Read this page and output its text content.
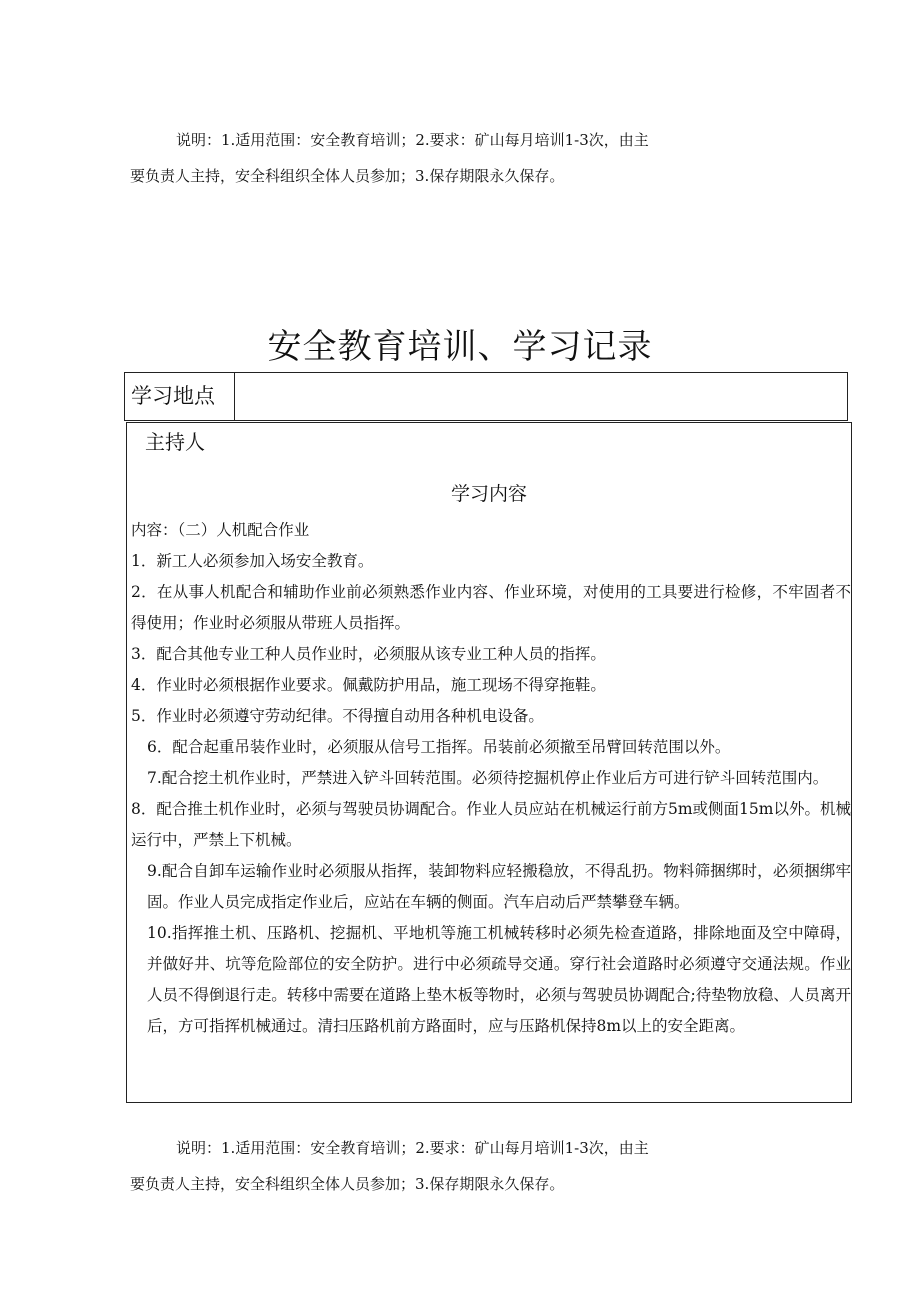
说明：1.适用范围：安全教育培训；2.要求：矿山每月培训1-3次，由主
要负责人主持，安全科组织全体人员参加；3.保存期限永久保存。
安全教育培训、学习记录
学习地点
主持人
学习内容

内容：（二）人机配合作业

1．新工人必须参加入场安全教育。

2．在从事人机配合和辅助作业前必须熟悉作业内容、作业环境，对使用的工具要进行检修，不牢固者不得使用；作业时必须服从带班人员指挥。

3．配合其他专业工种人员作业时，必须服从该专业工种人员的指挥。

4．作业时必须根据作业要求。佩戴防护用品，施工现场不得穿拖鞋。

5．作业时必须遵守劳动纪律。不得擅自动用各种机电设备。

6．配合起重吊装作业时，必须服从信号工指挥。吊装前必须撤至吊臂回转范围以外。

7.配合挖土机作业时，严禁进入铲斗回转范围。必须待挖掘机停止作业后方可进行铲斗回转范围内。

8．配合推土机作业时，必须与驾驶员协调配合。作业人员应站在机械运行前方5m或侧面15m以外。机械运行中，严禁上下机械。

9.配合自卸车运输作业时必须服从指挥，装卸物料应轻搬稳放，不得乱扔。物料筛捆绑时，必须捆绑牢固。作业人员完成指定作业后，应站在车辆的侧面。汽车启动后严禁攀登车辆。

10.指挥推土机、压路机、挖掘机、平地机等施工机械转移时必须先检查道路，排除地面及空中障碍，并做好井、坑等危险部位的安全防护。进行中必须疏导交通。穿行社会道路时必须遵守交通法规。作业人员不得倒退行走。转移中需要在道路上垫木板等物时，必须与驾驶员协调配合;待垫物放稳、人员离开后，方可指挥机械通过。清扫压路机前方路面时，应与压路机保持8m以上的安全距离。

说明：1.适用范围：安全教育培训；2.要求：矿山每月培训1-3次，由主
要负责人主持，安全科组织全体人员参加；3.保存期限永久保存。
